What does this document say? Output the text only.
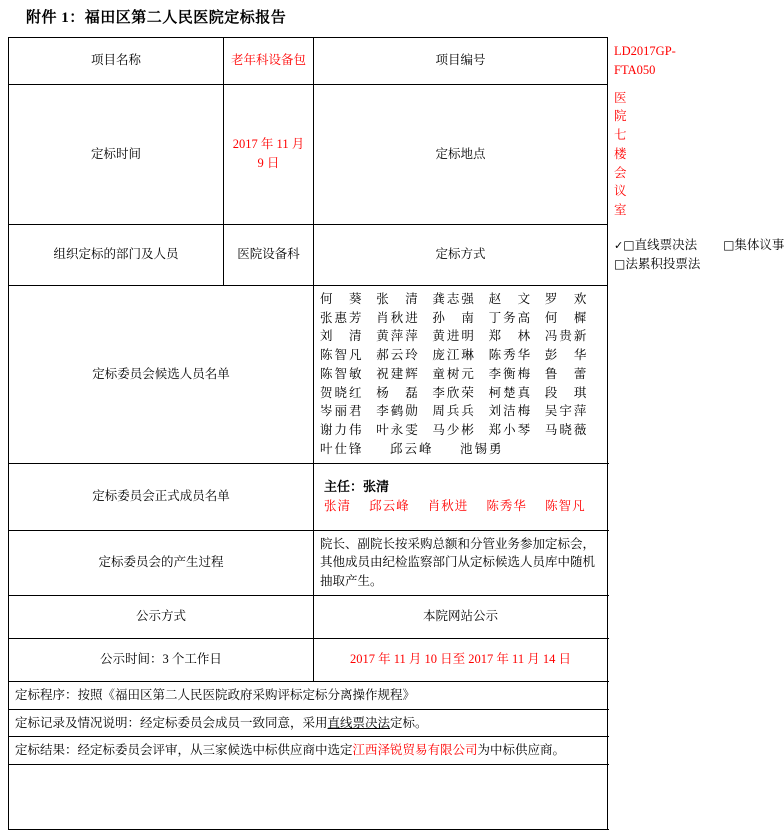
附件 1：福田区第二人民医院定标报告
项目名称	老年科设备包	项目编号	LD2017GP-FTA050
定标时间	2017 年 11 月 9 日	定标地点	医院七楼会议室

组织定标的部门及人员	医院设备科	定标方式	✓□直线票决法 □集体议事
□法累积投票法

定标委员会候选人员名单	
何　葵	张　清	龚志强	赵　文	罗　欢
张惠芳	肖秋进	孙　南	丁务高	何　樨
刘　清	黄萍萍	黄进明	郑　林	冯贵新
陈智凡	郝云玲	庞江琳	陈秀华	彭　华
陈智敏	祝建辉	童树元	李衡梅	鲁　蕾
贺晓红	杨　磊	李欣荣	柯楚真	段　琪
岑丽君	李鹤勋	周兵兵	刘洁梅	吴宇萍
谢力伟	叶永雯	马少彬	郑小琴	马晓薇
叶仕锋	邱云峰	池锡勇

定标委员会正式成员名单		主任：张清
张清 邱云峰 肖秋进 陈秀华 陈智凡	

定标委员会的产生过程		院长、副院长按采购总额和分管业务参加定标会，其他成员由纪检监察部门从定标候选人员库中随机抽取产生。	
公示方式		本院网站公示	
公示时间：3 个工作日		2017 年 11 月 10 日至 2017 年 11 月 14 日	
定标程序：按照《福田区第二人民医院政府采购评标定标分离操作规程》			
定标记录及情况说明：经定标委员会成员一致同意，采用直线票决法定标。			
定标结果：经定标委员会评审，从三家候选中标供应商中选定江西泽锐贸易有限公司为中标供应商。			
